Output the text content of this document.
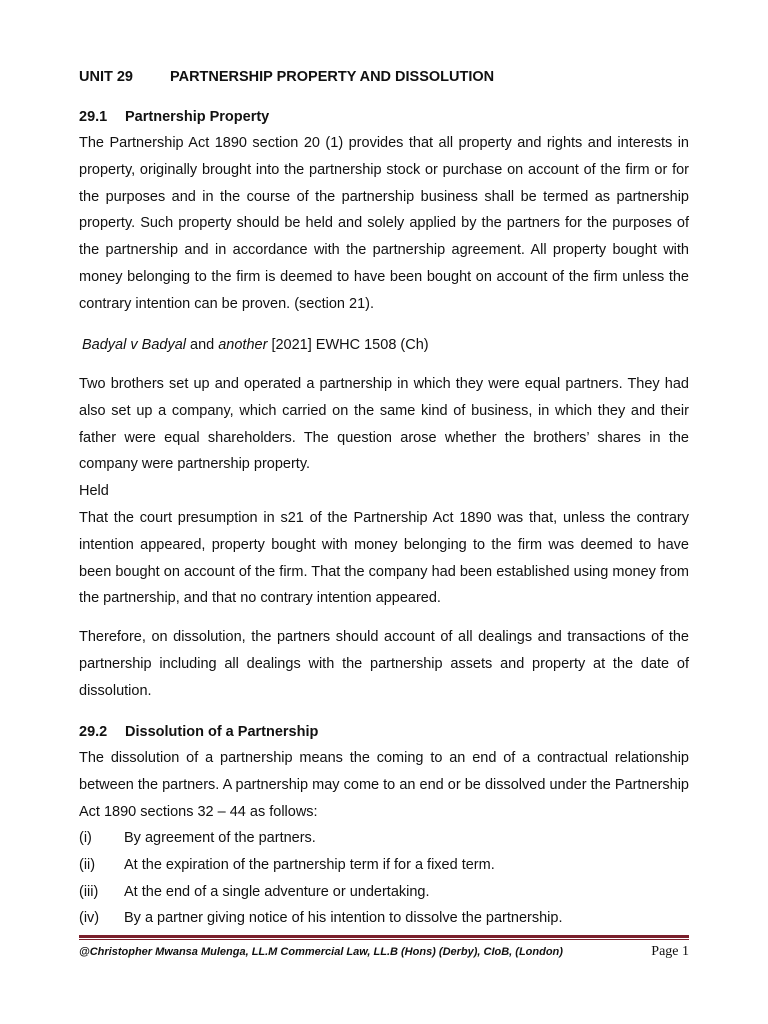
UNIT 29	PARTNERSHIP PROPERTY AND DISSOLUTION
29.1 Partnership Property

The Partnership Act 1890 section 20 (1) provides that all property and rights and interests in property, originally brought into the partnership stock or purchase on account of the firm or for the purposes and in the course of the partnership business shall be termed as partnership property. Such property should be held and solely applied by the partners for the purposes of the partnership and in accordance with the partnership agreement. All property bought with money belonging to the firm is deemed to have been bought on account of the firm unless the contrary intention can be proven. (section 21).

Badyal v Badyal and another [2021] EWHC 1508 (Ch)

Two brothers set up and operated a partnership in which they were equal partners. They had also set up a company, which carried on the same kind of business, in which they and their father were equal shareholders. The question arose whether the brothers’ shares in the company were partnership property.

Held

That the court presumption in s21 of the Partnership Act 1890 was that, unless the contrary intention appeared, property bought with money belonging to the firm was deemed to have been bought on account of the firm. That the company had been established using money from the partnership, and that no contrary intention appeared.

Therefore, on dissolution, the partners should account of all dealings and transactions of the partnership including all dealings with the partnership assets and property at the date of dissolution.

29.2 Dissolution of a Partnership

The dissolution of a partnership means the coming to an end of a contractual relationship between the partners. A partnership may come to an end or be dissolved under the Partnership Act 1890 sections 32 – 44 as follows:

(i) By agreement of the partners.
(ii) At the expiration of the partnership term if for a fixed term.
(iii) At the end of a single adventure or undertaking.
(iv) By a partner giving notice of his intention to dissolve the partnership.
@Christopher Mwansa Mulenga, LL.M Commercial Law, LL.B (Hons) (Derby), CIoB, (London)	Page 1
